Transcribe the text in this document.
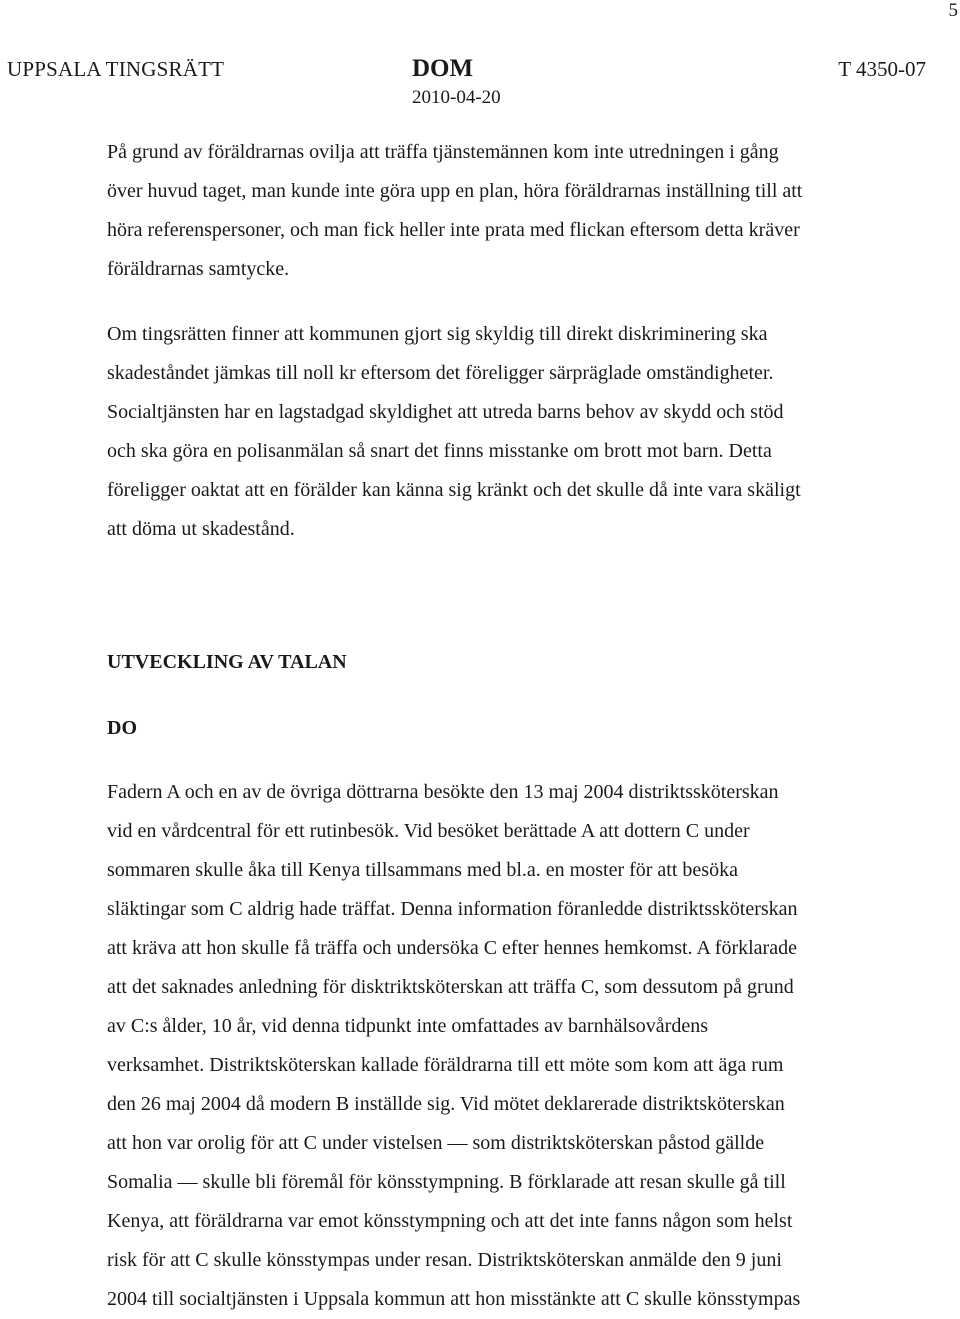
5
UPPSALA TINGSRÄTT	DOM
2010-04-20
T 4350-07
På grund av föräldrarnas ovilja att träffa tjänstemännen kom inte utredningen i gång
över huvud taget, man kunde inte göra upp en plan, höra föräldrarnas inställning till att
höra referenspersoner, och man fick heller inte prata med flickan eftersom detta kräver
föräldrarnas samtycke.
Om tingsrätten finner att kommunen gjort sig skyldig till direkt diskriminering ska
skadeståndet jämkas till noll kr eftersom det föreligger särpräglade omständigheter.
Socialtjänsten har en lagstadgad skyldighet att utreda barns behov av skydd och stöd
och ska göra en polisanmälan så snart det finns misstanke om brott mot barn. Detta
föreligger oaktat att en förälder kan känna sig kränkt och det skulle då inte vara skäligt
att döma ut skadestånd.
UTVECKLING AV TALAN
DO
Fadern A och en av de övriga döttrarna besökte den 13 maj 2004 distriktssköterskan
vid en vårdcentral för ett rutinbesök. Vid besöket berättade A att dottern C under
sommaren skulle åka till Kenya tillsammans med bl.a. en moster för att besöka
släktingar som C aldrig hade träffat. Denna information föranledde distriktssköterskan
att kräva att hon skulle få träffa och undersöka C efter hennes hemkomst. A förklarade
att det saknades anledning för disktriktsköterskan att träffa C, som dessutom på grund
av C:s ålder, 10 år, vid denna tidpunkt inte omfattades av barnhälsovårdens
verksamhet. Distriktsköterskan kallade föräldrarna till ett möte som kom att äga rum
den 26 maj 2004 då modern B inställde sig. Vid mötet deklarerade distriktsköterskan
att hon var orolig för att C under vistelsen — som distriktsköterskan påstod gällde
Somalia — skulle bli föremål för könsstympning. B förklarade att resan skulle gå till
Kenya, att föräldrarna var emot könsstympning och att det inte fanns någon som helst
risk för att C skulle könsstympas under resan. Distriktsköterskan anmälde den 9 juni
2004 till socialtjänsten i Uppsala kommun att hon misstänkte att C skulle könsstympas
